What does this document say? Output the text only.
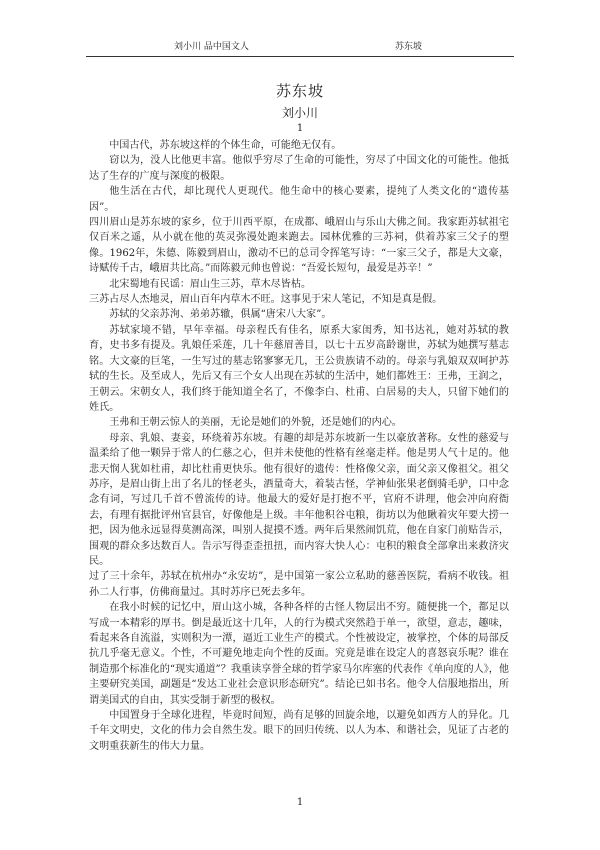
刘小川 品中国文人	苏东坡
苏东坡
刘小川
1

中国古代，苏东坡这样的个体生命，可能绝无仅有。

窃以为，没人比他更丰富。他似乎穷尽了生命的可能性，穷尽了中国文化的可能性。他抵达了生存的广度与深度的极限。

他生活在古代，却比现代人更现代。他生命中的核心要素，提纯了人类文化的“遗传基因”。

四川眉山是苏东坡的家乡，位于川西平原，在成都、峨眉山与乐山大佛之间。我家距苏轼祖宅仅百米之遥，从小就在他的英灵弥漫处跑来跑去。园林优雅的三苏祠，供着苏家三父子的塑像。1962年，朱德、陈毅到眉山，激动不已的总司令挥笔写诗：“一家三父子，都是大文豪，诗赋传千古，峨眉共比高。”而陈毅元帅也曾说：“吾爱长短句，最爱是苏辛！”

北宋蜀地有民谣：眉山生三苏，草木尽皆枯。

三苏占尽人杰地灵，眉山百年内草木不旺。这事见于宋人笔记，不知是真是假。

苏轼的父亲苏洵、弟弟苏辙，俱属“唐宋八大家”。

苏轼家境不错，早年幸福。母亲程氏有佳名，原系大家闺秀，知书达礼，她对苏轼的教育，史书多有提及。乳娘任采莲，几十年慈眉善目，以七十五岁高龄谢世，苏轼为她撰写墓志铭。大文豪的巨笔，一生写过的墓志铭寥寥无几，王公贵族请不动的。母亲与乳娘双双呵护苏轼的生长。及至成人，先后又有三个女人出现在苏轼的生活中，她们都姓王：王弗，王润之，王朝云。宋朝女人，我们终于能知道全名了，不像李白、杜甫、白居易的夫人，只留下她们的姓氏。

王弗和王朝云惊人的美丽，无论是她们的外貌，还是她们的内心。

母亲、乳娘、妻妾，环绕着苏东坡。有趣的却是苏东坡新一生以豪放著称。女性的慈爱与温柔给了他一颗异于常人的仁慈之心，但并未使他的性格有丝毫走样。他是男人气十足的。他悲天悯人犹如杜甫，却比杜甫更快乐。他有很好的遗传：性格像父亲，面父亲又像祖父。祖父苏序，是眉山街上出了名儿的怪老头，酒量奇大，着装古怪，学神仙张果老倒骑毛驴，口中念念有词，写过几千首不曾流传的诗。他最大的爱好是打抱不平，官府不讲理，他会冲向府衙去，有理有据批评州官县官，好像他是上级。丰年他积谷屯粮，街坊以为他瞅着灾年要大捞一把，因为他永远显得莫测高深，叫别人捉摸不透。两年后果然闹饥荒，他在自家门前贴告示，围观的群众多达数百人。告示写得歪歪扭扭，而内容大快人心：屯积的粮食全部拿出来救济灾民。

过了三十余年，苏轼在杭州办“永安坊”，是中国第一家公立私助的慈善医院，看病不收钱。祖孙二人行事，仿佛商量过。其时苏序已死去多年。

在我小时候的记忆中，眉山这小城，各种各样的古怪人物层出不穷。随便挑一个，都足以写成一本精彩的厚书。倒是最近这十几年，人的行为模式突然趋于单一，欲望，意志，趣味，看起来各自流溢，实则积为一潭，逼近工业生产的模式。个性被设定，被掌控，个体的局部反抗几乎毫无意义。个性，不可避免地走向个性的反面。究竟是谁在设定人的喜怒哀乐呢？谁在制造那个标准化的“现实通道”？我重读享誉全球的哲学家马尔库塞的代表作《单向度的人》，他主要研究美国，副题是“发达工业社会意识形态研究”。结论已如书名。他令人信服地指出，所谓美国式的自由，其实受制于新型的极权。

中国置身于全球化进程，毕竟时间短，尚有足够的回旋余地，以避免如西方人的异化。几千年文明史，文化的伟力会自然生发。眼下的回归传统、以人为本、和谐社会，见证了古老的文明重获新生的伟大力量。

1
